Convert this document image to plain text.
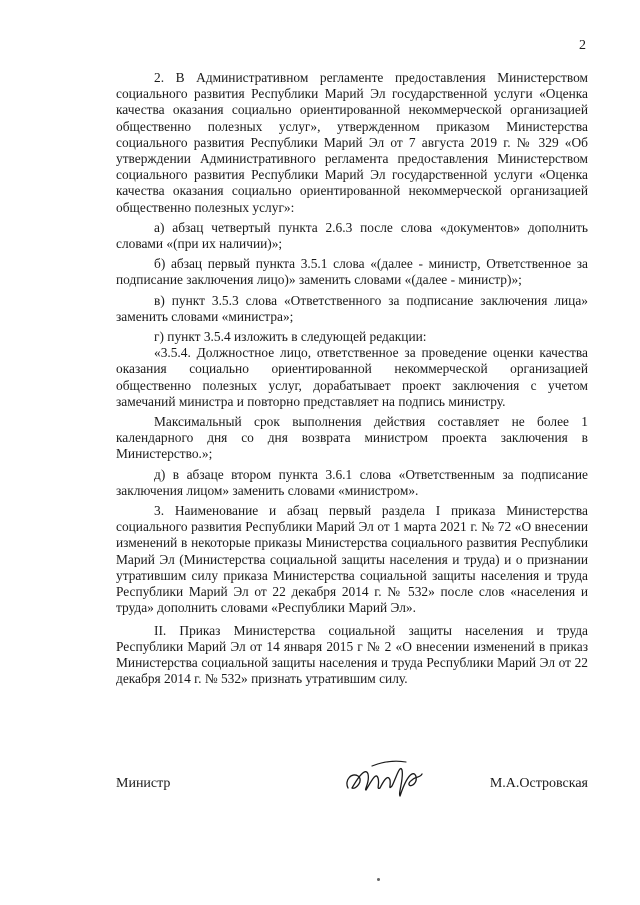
2

2. В Административном регламенте предоставления Министерством социального развития Республики Марий Эл государственной услуги «Оценка качества оказания социально ориентированной некоммерческой организацией общественно полезных услуг», утвержденном приказом Министерства социального развития Республики Марий Эл от 7 августа 2019 г. № 329 «Об утверждении Административного регламента предоставления Министерством социального развития Республики Марий Эл государственной услуги «Оценка качества оказания социально ориентированной некоммерческой организацией общественно полезных услуг»:

а) абзац четвертый пункта 2.6.3 после слова «документов» дополнить словами «(при их наличии)»;

б) абзац первый пункта 3.5.1 слова «(далее - министр, Ответственное за подписание заключения лицо)» заменить словами «(далее - министр)»;

в) пункт 3.5.3 слова «Ответственного за подписание заключения лица» заменить словами «министра»;

г) пункт 3.5.4 изложить в следующей редакции:

«3.5.4. Должностное лицо, ответственное за проведение оценки качества оказания социально ориентированной некоммерческой организацией общественно полезных услуг, дорабатывает проект заключения с учетом замечаний министра и повторно представляет на подпись министру.

Максимальный срок выполнения действия составляет не более 1 календарного дня со дня возврата министром проекта заключения в Министерство.»;

д) в абзаце втором пункта 3.6.1 слова «Ответственным за подписание заключения лицом» заменить словами «министром».

3. Наименование и абзац первый раздела I приказа Министерства социального развития Республики Марий Эл от 1 марта 2021 г. № 72 «О внесении изменений в некоторые приказы Министерства социального развития Республики Марий Эл (Министерства социальной защиты населения и труда) и о признании утратившим силу приказа Министерства социальной защиты населения и труда Республики Марий Эл от 22 декабря 2014 г. № 532» после слов «населения и труда» дополнить словами «Республики Марий Эл».

II. Приказ Министерства социальной защиты населения и труда Республики Марий Эл от 14 января 2015 г № 2 «О внесении изменений в приказ Министерства социальной защиты населения и труда Республики Марий Эл от 22 декабря 2014 г. № 532» признать утратившим силу.

Министр	М.А.Островская
